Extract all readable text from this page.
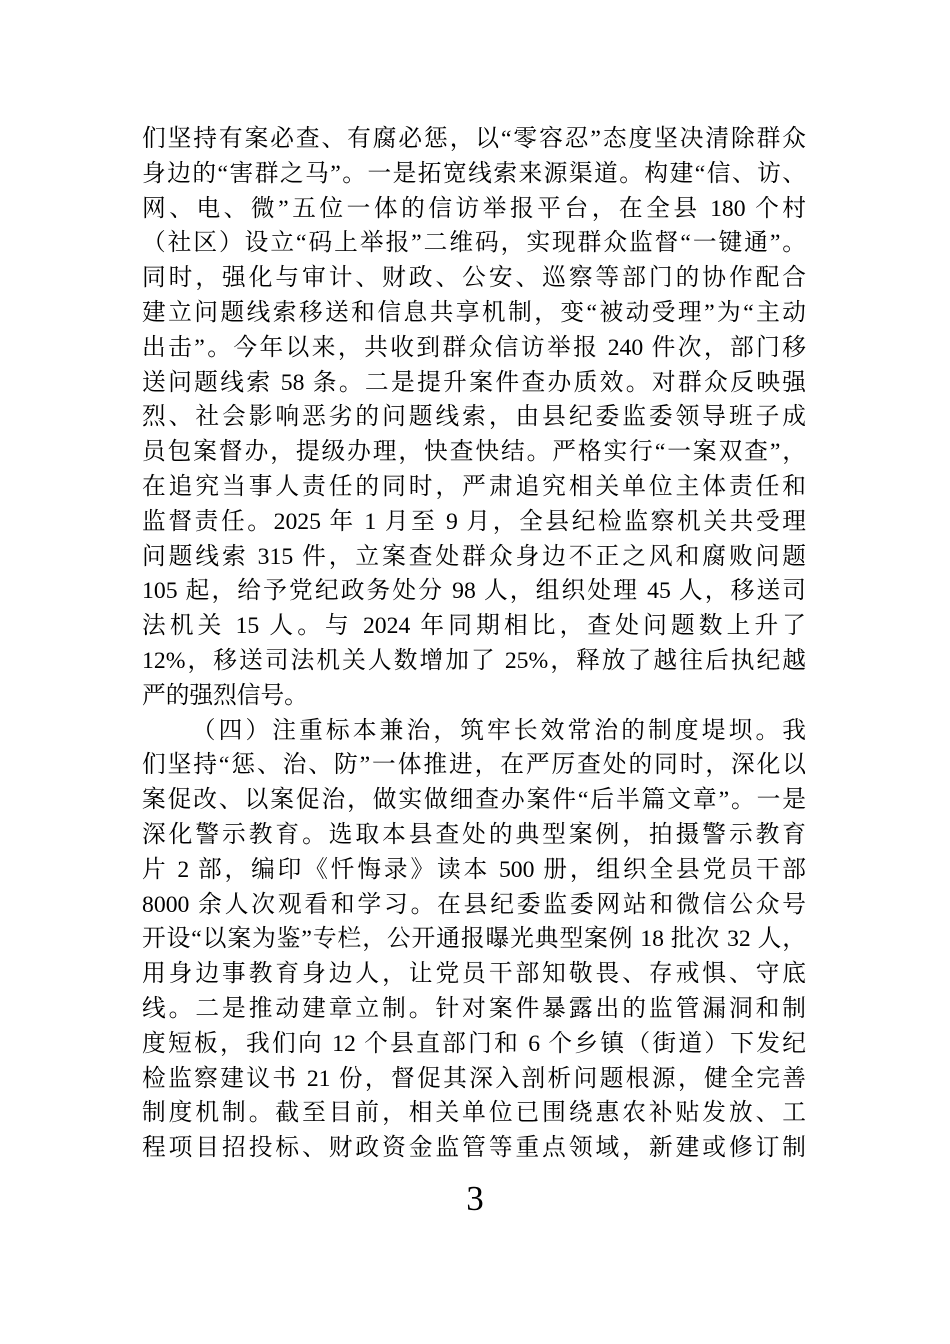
们坚持有案必查、有腐必惩，以“零容忍”态度坚决清除群众
身边的“害群之马”。一是拓宽线索来源渠道。构建“信、访、
网、电、微”五位一体的信访举报平台，在全县 180 个村
（社区）设立“码上举报”二维码，实现群众监督“一键通”。
同时，强化与审计、财政、公安、巡察等部门的协作配合
建立问题线索移送和信息共享机制，变“被动受理”为“主动
出击”。今年以来，共收到群众信访举报 240 件次，部门移
送问题线索 58 条。二是提升案件查办质效。对群众反映强
烈、社会影响恶劣的问题线索，由县纪委监委领导班子成
员包案督办，提级办理，快查快结。严格实行“一案双查”，
在追究当事人责任的同时，严肃追究相关单位主体责任和
监督责任。2025 年 1 月至 9 月，全县纪检监察机关共受理
问题线索 315 件，立案查处群众身边不正之风和腐败问题
105 起，给予党纪政务处分 98 人，组织处理 45 人，移送司
法机关 15 人。与 2024 年同期相比，查处问题数上升了
12%，移送司法机关人数增加了 25%，释放了越往后执纪越
严的强烈信号。
（四）注重标本兼治，筑牢长效常治的制度堤坝。我
们坚持“惩、治、防”一体推进，在严厉查处的同时，深化以
案促改、以案促治，做实做细查办案件“后半篇文章”。一是
深化警示教育。选取本县查处的典型案例，拍摄警示教育
片 2 部，编印《忏悔录》读本 500 册，组织全县党员干部
8000 余人次观看和学习。在县纪委监委网站和微信公众号
开设“以案为鉴”专栏，公开通报曝光典型案例 18 批次 32 人，
用身边事教育身边人，让党员干部知敬畏、存戒惧、守底
线。二是推动建章立制。针对案件暴露出的监管漏洞和制
度短板，我们向 12 个县直部门和 6 个乡镇（街道）下发纪
检监察建议书 21 份，督促其深入剖析问题根源，健全完善
制度机制。截至目前，相关单位已围绕惠农补贴发放、工
程项目招投标、财政资金监管等重点领域，新建或修订制
3
